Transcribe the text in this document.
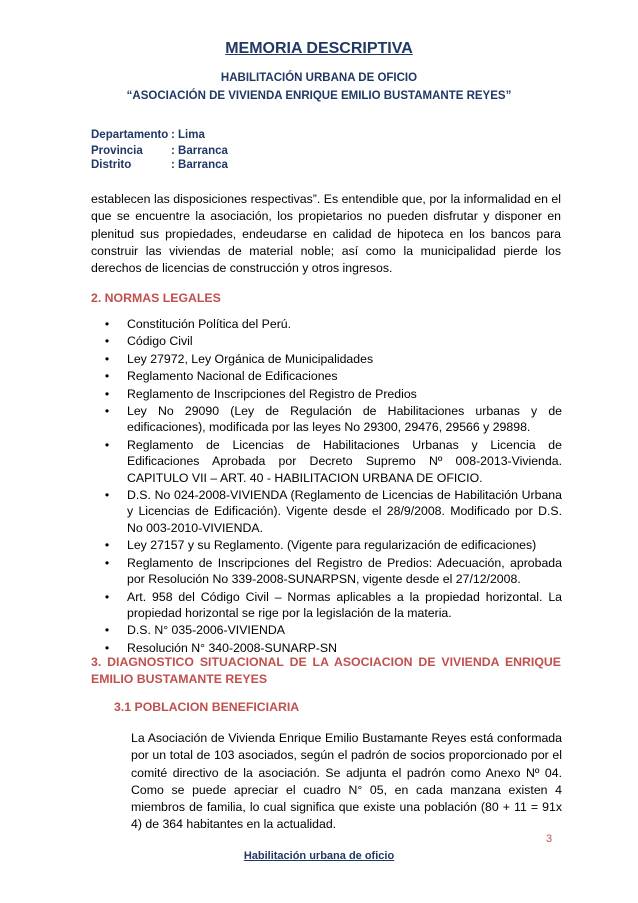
MEMORIA DESCRIPTIVA
HABILITACIÓN URBANA DE OFICIO
“ASOCIACIÓN DE VIVIENDA ENRIQUE EMILIO BUSTAMANTE REYES”
Departamento : Lima
Provincia : Barranca
Distrito	: Barranca
establecen las disposiciones respectivas”. Es entendible que, por la informalidad en el que se encuentre la asociación, los propietarios no pueden disfrutar y disponer en plenitud sus propiedades, endeudarse en calidad de hipoteca en los bancos para construir las viviendas de material noble; así como la municipalidad pierde los derechos de licencias de construcción y otros ingresos.
2. NORMAS LEGALES
• Constitución Política del Perú.
• Código Civil
• Ley 27972, Ley Orgánica de Municipalidades
• Reglamento Nacional de Edificaciones
• Reglamento de Inscripciones del Registro de Predios
• Ley No 29090 (Ley de Regulación de Habilitaciones urbanas y de edificaciones), modificada por las leyes No 29300, 29476, 29566 y 29898.
• Reglamento de Licencias de Habilitaciones Urbanas y Licencia de Edificaciones Aprobada por Decreto Supremo Nº 008-2013-Vivienda. CAPITULO VII – ART. 40 - HABILITACION URBANA DE OFICIO.
• D.S. No 024-2008-VIVIENDA (Reglamento de Licencias de Habilitación Urbana y Licencias de Edificación). Vigente desde el 28/9/2008. Modificado por D.S. No 003-2010-VIVIENDA.
• Ley 27157 y su Reglamento. (Vigente para regularización de edificaciones)
• Reglamento de Inscripciones del Registro de Predios: Adecuación, aprobada por Resolución No 339-2008-SUNARPSN, vigente desde el 27/12/2008.
• Art. 958 del Código Civil – Normas aplicables a la propiedad horizontal. La propiedad horizontal se rige por la legislación de la materia.
• D.S. N° 035-2006-VIVIENDA
• Resolución N° 340-2008-SUNARP-SN
3. DIAGNOSTICO SITUACIONAL DE LA ASOCIACION DE VIVIENDA ENRIQUE EMILIO BUSTAMANTE REYES
3.1 POBLACION BENEFICIARIA
La Asociación de Vivienda Enrique Emilio Bustamante Reyes está conformada por un total de 103 asociados, según el padrón de socios proporcionado por el comité directivo de la asociación. Se adjunta el padrón como Anexo Nº 04. Como se puede apreciar el cuadro N° 05, en cada manzana existen 4 miembros de familia, lo cual significa que existe una población (80 + 11 = 91x 4) de 364 habitantes en la actualidad.
3
Habilitación urbana de oficio
